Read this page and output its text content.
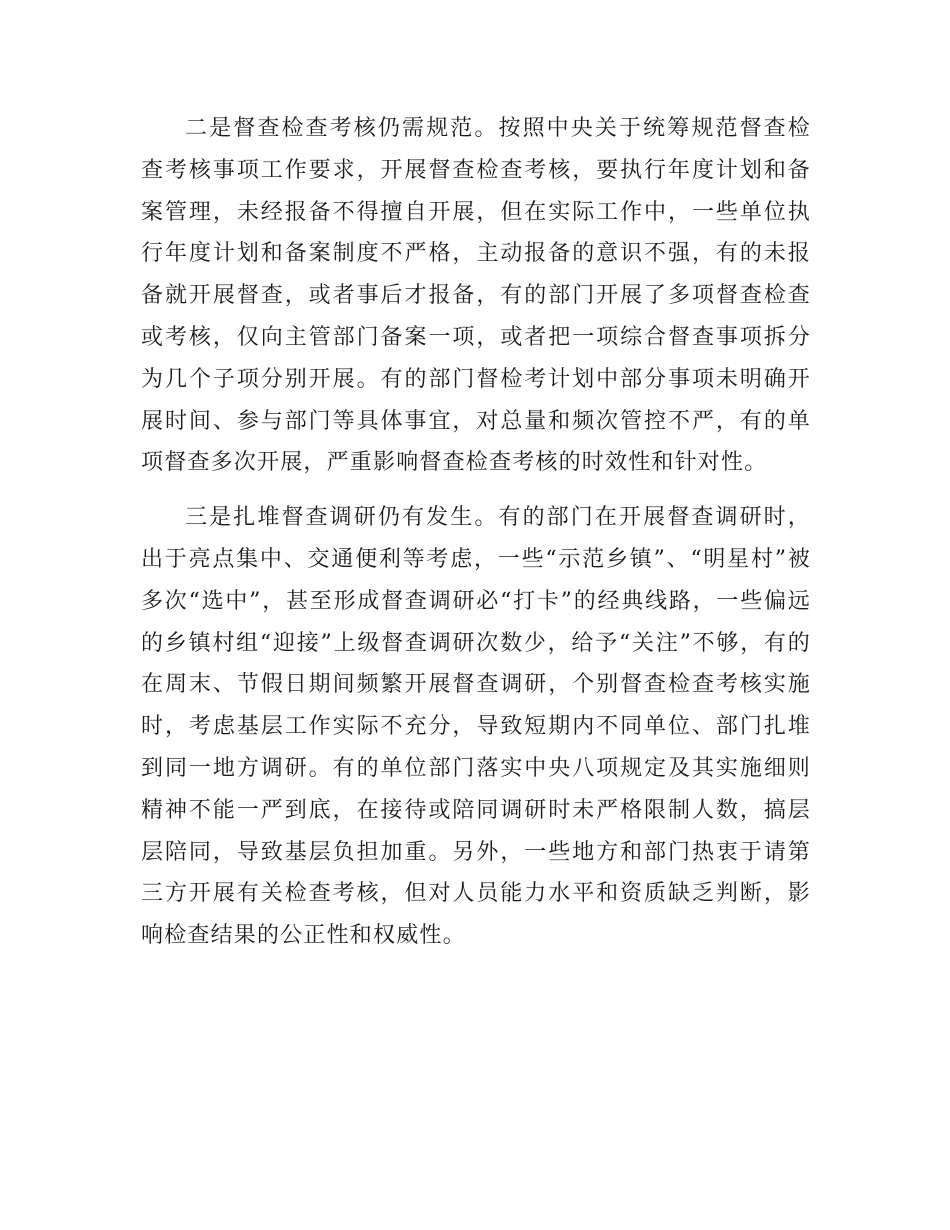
二是督查检查考核仍需规范。按照中央关于统筹规范督查检查考核事项工作要求，开展督查检查考核，要执行年度计划和备案管理，未经报备不得擅自开展，但在实际工作中，一些单位执行年度计划和备案制度不严格，主动报备的意识不强，有的未报备就开展督查，或者事后才报备，有的部门开展了多项督查检查或考核，仅向主管部门备案一项，或者把一项综合督查事项拆分为几个子项分别开展。有的部门督检考计划中部分事项未明确开展时间、参与部门等具体事宜，对总量和频次管控不严，有的单项督查多次开展，严重影响督查检查考核的时效性和针对性。

三是扎堆督查调研仍有发生。有的部门在开展督查调研时，出于亮点集中、交通便利等考虑，一些“示范乡镇”、“明星村”被多次“选中”，甚至形成督查调研必“打卡”的经典线路，一些偏远的乡镇村组“迎接”上级督查调研次数少，给予“关注”不够，有的在周末、节假日期间频繁开展督查调研，个别督查检查考核实施时，考虑基层工作实际不充分，导致短期内不同单位、部门扎堆到同一地方调研。有的单位部门落实中央八项规定及其实施细则精神不能一严到底，在接待或陪同调研时未严格限制人数，搞层层陪同，导致基层负担加重。另外，一些地方和部门热衷于请第三方开展有关检查考核，但对人员能力水平和资质缺乏判断，影响检查结果的公正性和权威性。
